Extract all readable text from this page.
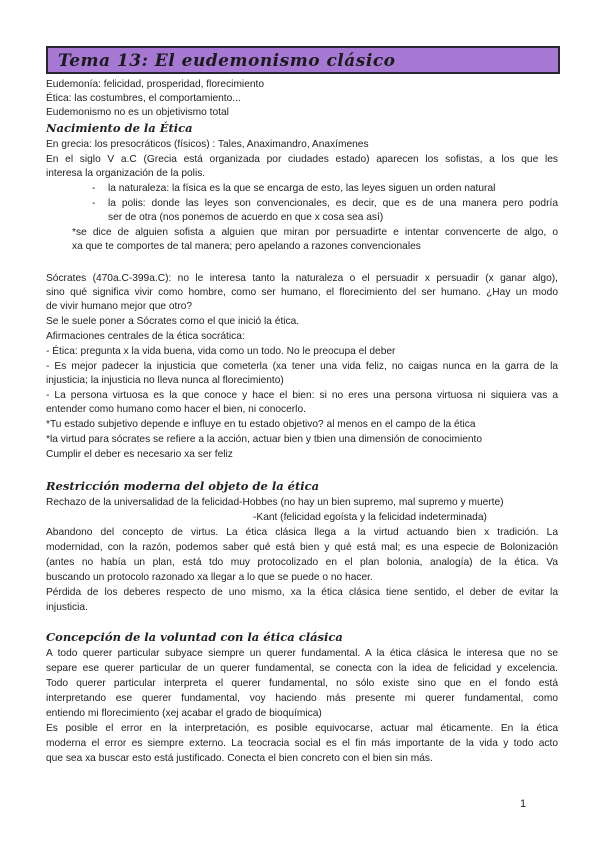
Tema 13: El eudemonismo clásico
Eudemonía: felicidad, prosperidad, florecimiento
Ética: las costumbres, el comportamiento...
Eudemonismo no es un objetivismo total
Nacimiento de la Ética
En grecia: los presocráticos (físicos) : Tales, Anaximandro, Anaxímenes
En el siglo V a.C (Grecia está organizada por ciudades estado) aparecen los sofistas, a los que les
interesa la organización de la polis.
- la naturaleza: la física es la que se encarga de esto, las leyes siguen un orden natural
- la polis: donde las leyes son convencionales, es decir, que es de una manera pero podría
ser de otra (nos ponemos de acuerdo en que x cosa sea así)
*se dice de alguien sofista a alguien que miran por persuadirte e intentar convencerte de algo, o
xa que te comportes de tal manera; pero apelando a razones convencionales
Sócrates (470a.C-399a.C): no le interesa tanto la naturaleza o el persuadir x persuadir (x ganar algo),
sino qué significa vivir como hombre, como ser humano, el florecimiento del ser humano. ¿Hay un modo
de vivir humano mejor que otro?
Se le suele poner a Sócrates como el que inició la ética.
Afirmaciones centrales de la ética socrática:
- Ética: pregunta x la vida buena, vida como un todo. No le preocupa el deber
- Es mejor padecer la injusticia que cometerla (xa tener una vida feliz, no caigas nunca en la garra de la
injusticia; la injusticia no lleva nunca al florecimiento)
- La persona virtuosa es la que conoce y hace el bien: si no eres una persona virtuosa ni siquiera vas a
entender como humano como hacer el bien, ni conocerlo.
*Tu estado subjetivo depende e influye en tu estado objetivo? al menos en el campo de la ética
*la virtud para sócrates se refiere a la acción, actuar bien y tbien una dimensión de conocimiento
Cumplir el deber es necesario xa ser feliz
Restricción moderna del objeto de la ética
Rechazo de la universalidad de la felicidad-Hobbes (no hay un bien supremo, mal supremo y muerte)
-Kant (felicidad egoísta y la felicidad indeterminada)
Abandono del concepto de virtus. La ética clásica llega a la virtud actuando bien x tradición. La
modernidad, con la razón, podemos saber qué está bien y qué está mal; es una especie de Bolonización
(antes no había un plan, está tdo muy protocolizado en el plan bolonia, analogía) de la ética. Va
buscando un protocolo razonado xa llegar a lo que se puede o no hacer.
Pérdida de los deberes respecto de uno mismo, xa la ética clásica tiene sentido, el deber de evitar la
injusticia.
Concepción de la voluntad con la ética clásica
A todo querer particular subyace siempre un querer fundamental. A la ética clásica le interesa que no se
separe ese querer particular de un querer fundamental, se conecta con la idea de felicidad y excelencia.
Todo querer particular interpreta el querer fundamental, no sólo existe sino que en el fondo está
interpretando ese querer fundamental, voy haciendo más presente mi querer fundamental, como
entiendo mi florecimiento (xej acabar el grado de bioquímica)
Es posible el error en la interpretación, es posible equivocarse, actuar mal éticamente. En la ética
moderna el error es siempre externo. La teocracia social es el fin más importante de la vida y todo acto
que sea xa buscar esto está justificado. Conecta el bien concreto con el bien sin más.
1
